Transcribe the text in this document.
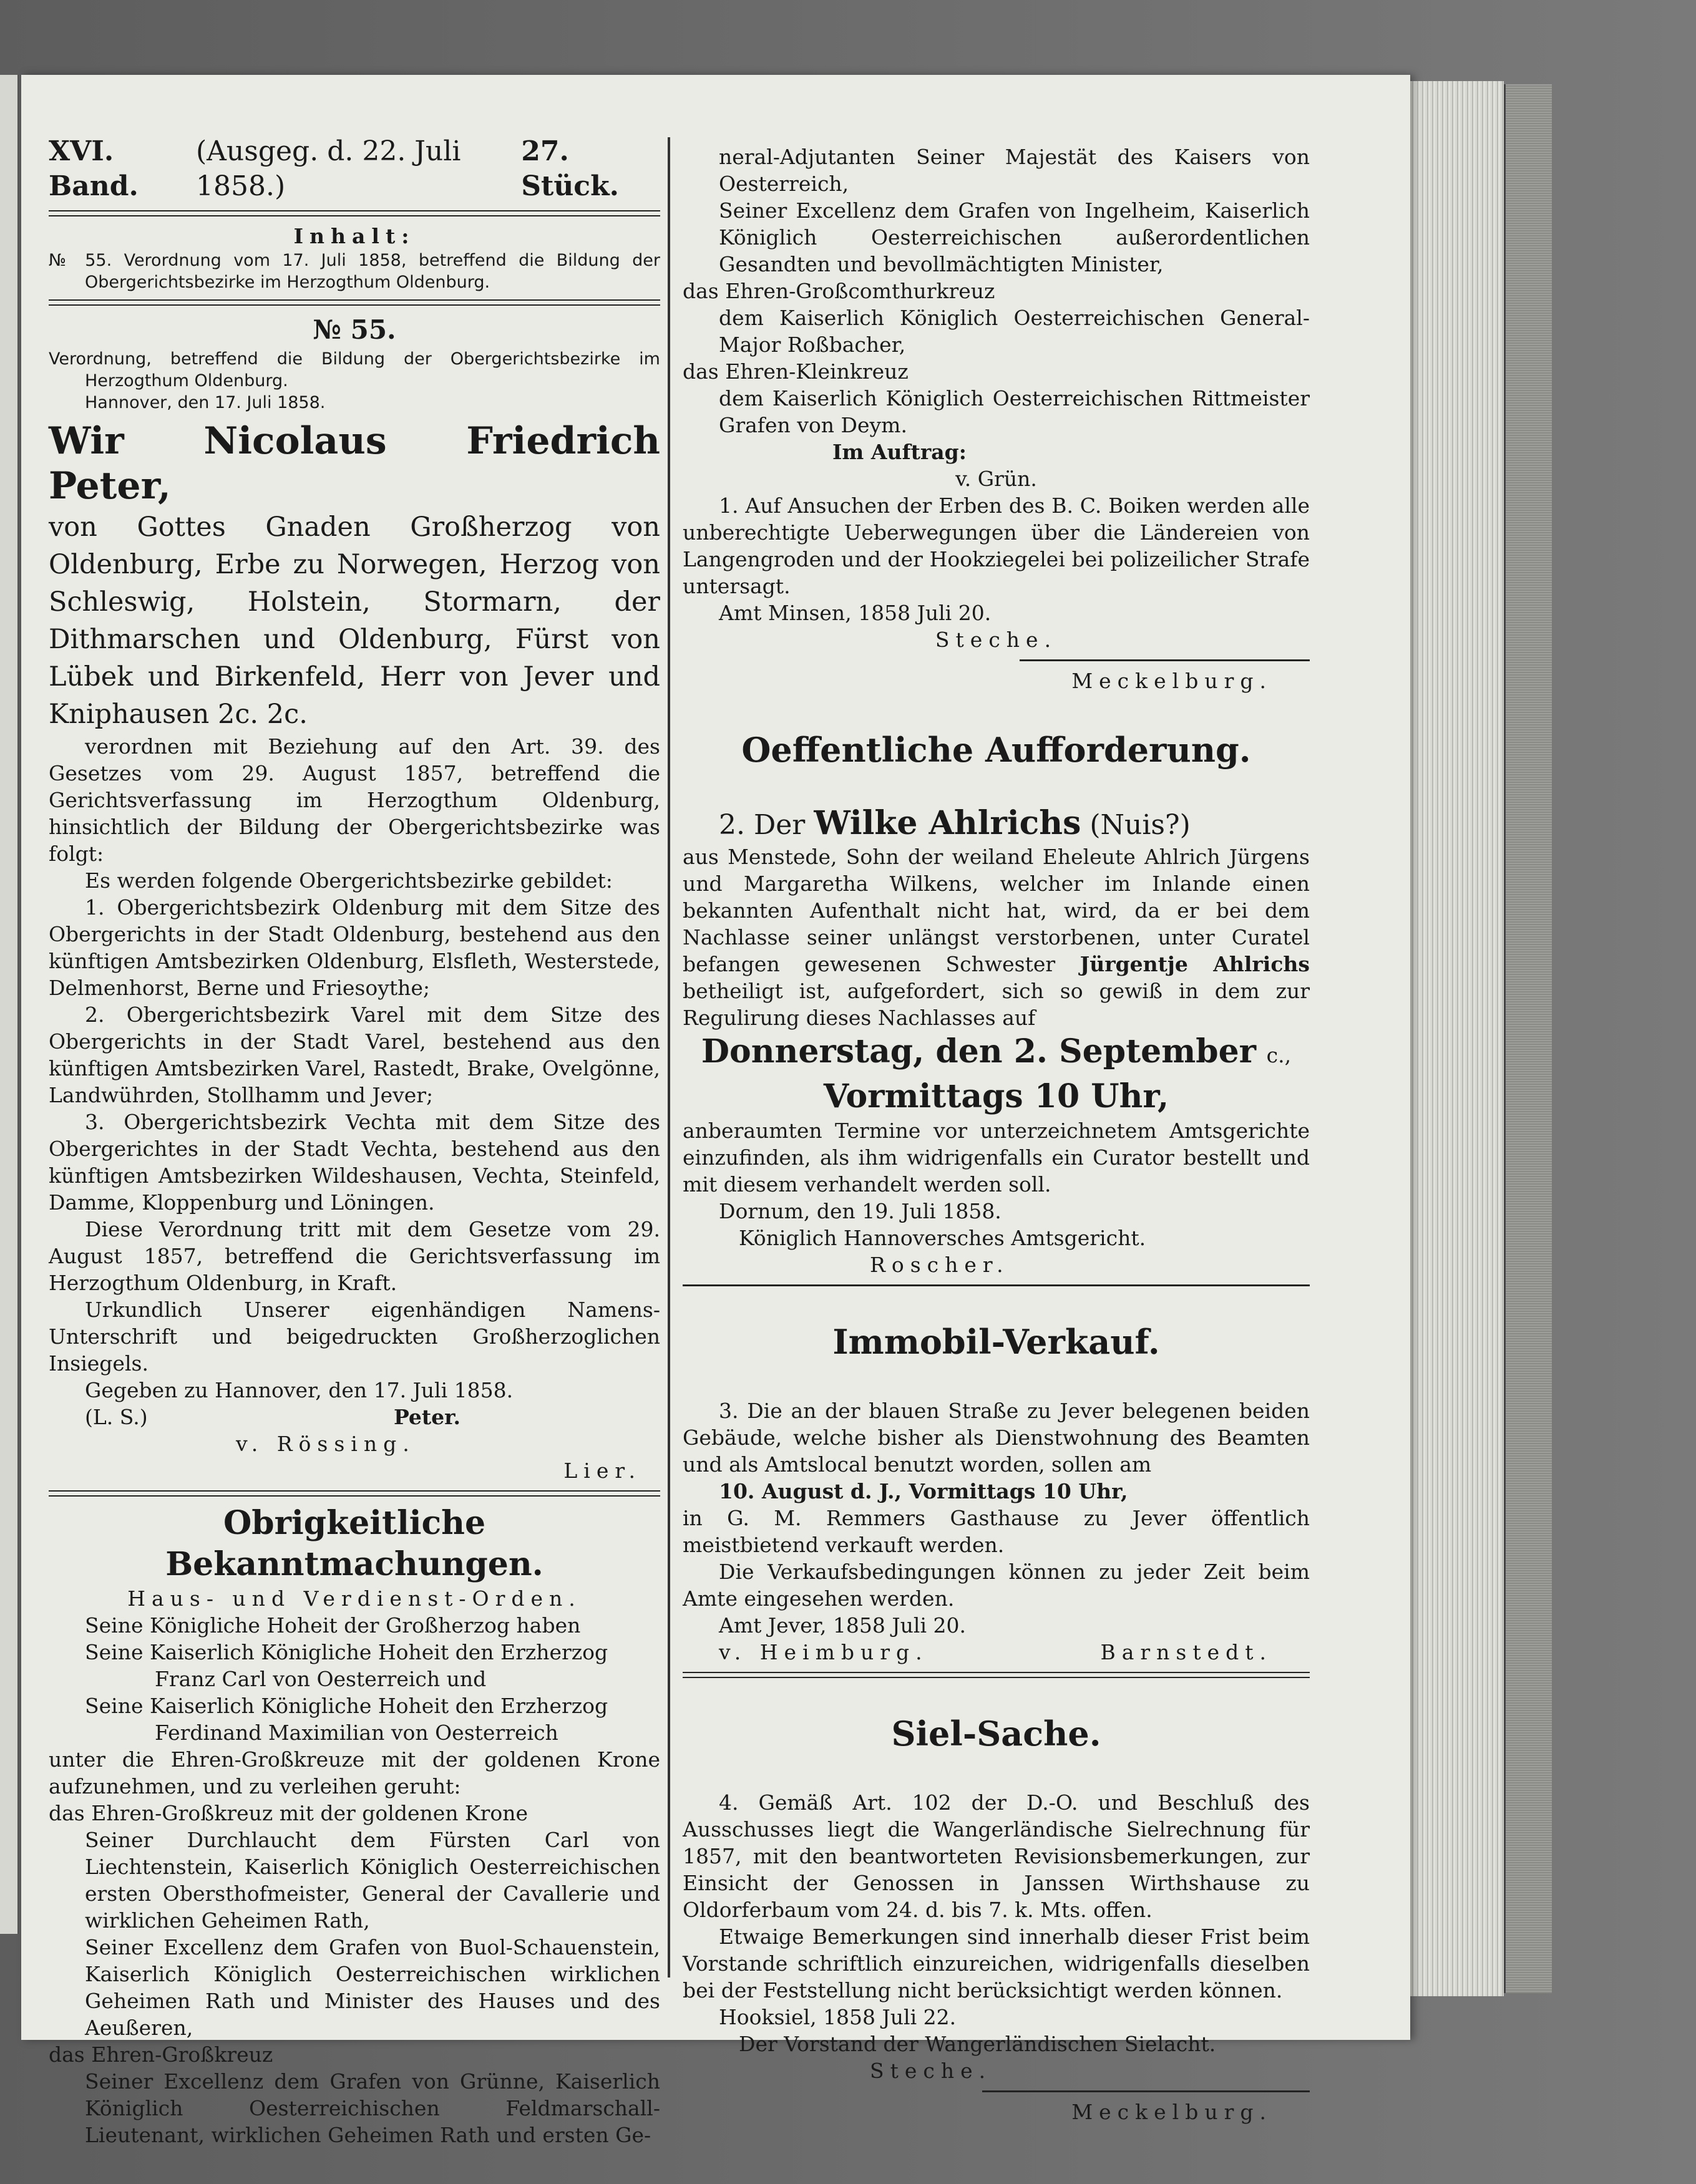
XVI. Band.
(Ausgeg. d. 22. Juli 1858.)
27. Stück.

Inhalt:

№ 55. Verordnung vom 17. Juli 1858, betreffend die Bildung der Obergerichtsbezirke im Herzogthum Oldenburg.

№ 55.

Verordnung, betreffend die Bildung der Obergerichtsbezirke im Herzogthum Oldenburg.

Hannover, den 17. Juli 1858.

Wir Nicolaus Friedrich Peter,

von Gottes Gnaden Großherzog von Oldenburg, Erbe zu Norwegen, Herzog von Schleswig, Holstein, Stormarn, der Dithmarschen und Oldenburg, Fürst von Lübek und Birkenfeld, Herr von Jever und Kniphausen 2c. 2c.

verordnen mit Beziehung auf den Art. 39. des Gesetzes vom 29. August 1857, betreffend die Gerichtsverfassung im Herzogthum Oldenburg, hinsichtlich der Bildung der Obergerichtsbezirke was folgt:

Es werden folgende Obergerichtsbezirke gebildet:

1. Obergerichtsbezirk Oldenburg mit dem Sitze des Obergerichts in der Stadt Oldenburg, bestehend aus den künftigen Amtsbezirken Oldenburg, Elsfleth, Westerstede, Delmenhorst, Berne und Friesoythe;

2. Obergerichtsbezirk Varel mit dem Sitze des Obergerichts in der Stadt Varel, bestehend aus den künftigen Amtsbezirken Varel, Rastedt, Brake, Ovelgönne, Landwührden, Stollhamm und Jever;

3. Obergerichtsbezirk Vechta mit dem Sitze des Obergerichtes in der Stadt Vechta, bestehend aus den künftigen Amtsbezirken Wildeshausen, Vechta, Steinfeld, Damme, Kloppenburg und Löningen.

Diese Verordnung tritt mit dem Gesetze vom 29. August 1857, betreffend die Gerichtsverfassung im Herzogthum Oldenburg, in Kraft.

Urkundlich Unserer eigenhändigen Namens-Unterschrift und beigedruckten Großherzoglichen Insiegels.

Gegeben zu Hannover, den 17. Juli 1858.

(L. S.)	Peter.

v. Rössing.

Lier.

Obrigkeitliche Bekanntmachungen.

Haus- und Verdienst-Orden.

Seine Königliche Hoheit der Großherzog haben

Seine Kaiserlich Königliche Hoheit den Erzherzog

Franz Carl von Oesterreich und

Seine Kaiserlich Königliche Hoheit den Erzherzog

Ferdinand Maximilian von Oesterreich

unter die Ehren-Großkreuze mit der goldenen Krone aufzunehmen, und zu verleihen geruht:

das Ehren-Großkreuz mit der goldenen Krone

Seiner Durchlaucht dem Fürsten Carl von Liechtenstein, Kaiserlich Königlich Oesterreichischen ersten Obersthofmeister, General der Cavallerie und wirklichen Geheimen Rath,

Seiner Excellenz dem Grafen von Buol-Schauenstein, Kaiserlich Königlich Oesterreichischen wirklichen Geheimen Rath und Minister des Hauses und des Aeußeren,

das Ehren-Großkreuz

Seiner Excellenz dem Grafen von Grünne, Kaiserlich Königlich Oesterreichischen Feldmarschall-Lieutenant, wirklichen Geheimen Rath und ersten Ge-

neral-Adjutanten Seiner Majestät des Kaisers von Oesterreich,

Seiner Excellenz dem Grafen von Ingelheim, Kaiserlich Königlich Oesterreichischen außerordentlichen Gesandten und bevollmächtigten Minister,

das Ehren-Großcomthurkreuz

dem Kaiserlich Königlich Oesterreichischen General-Major Roßbacher,

das Ehren-Kleinkreuz

dem Kaiserlich Königlich Oesterreichischen Rittmeister Grafen von Deym.

Im Auftrag:

v. Grün.

1. Auf Ansuchen der Erben des B. C. Boiken werden alle unberechtigte Ueberwegungen über die Ländereien von Langengroden und der Hookziegelei bei polizeilicher Strafe untersagt.

Amt Minsen, 1858 Juli 20.

Steche.

Meckelburg.

Oeffentliche Aufforderung.

2. Der Wilke Ahlrichs (Nuis?)

aus Menstede, Sohn der weiland Eheleute Ahlrich Jürgens und Margaretha Wilkens, welcher im Inlande einen bekannten Aufenthalt nicht hat, wird, da er bei dem Nachlasse seiner unlängst verstorbenen, unter Curatel befangen gewesenen Schwester Jürgentje Ahlrichs betheiligt ist, aufgefordert, sich so gewiß in dem zur Regulirung dieses Nachlasses auf

Donnerstag, den 2. September c.,

Vormittags 10 Uhr,

anberaumten Termine vor unterzeichnetem Amtsgerichte einzufinden, als ihm widrigenfalls ein Curator bestellt und mit diesem verhandelt werden soll.

Dornum, den 19. Juli 1858.

Königlich Hannoversches Amtsgericht.

Roscher.

Immobil-Verkauf.

3. Die an der blauen Straße zu Jever belegenen beiden Gebäude, welche bisher als Dienstwohnung des Beamten und als Amtslocal benutzt worden, sollen am

10. August d. J., Vormittags 10 Uhr,

in G. M. Remmers Gasthause zu Jever öffentlich meistbietend verkauft werden.

Die Verkaufsbedingungen können zu jeder Zeit beim Amte eingesehen werden.

Amt Jever, 1858 Juli 20.

v. Heimburg.	Barnstedt.

Siel-Sache.

4. Gemäß Art. 102 der D.-O. und Beschluß des Ausschusses liegt die Wangerländische Sielrechnung für 1857, mit den beantworteten Revisionsbemerkungen, zur Einsicht der Genossen in Janssen Wirthshause zu Oldorferbaum vom 24. d. bis 7. k. Mts. offen.

Etwaige Bemerkungen sind innerhalb dieser Frist beim Vorstande schriftlich einzureichen, widrigenfalls dieselben bei der Feststellung nicht berücksichtigt werden können.

Hooksiel, 1858 Juli 22.

Der Vorstand der Wangerländischen Sielacht.

Steche.

Meckelburg.
